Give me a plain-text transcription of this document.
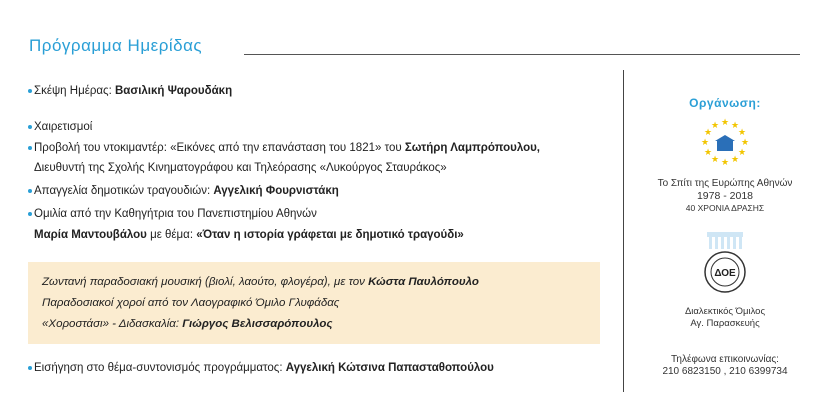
Πρόγραμμα Ημερίδας
Σκέψη Ημέρας: Βασιλική Ψαρουδάκη
Χαιρετισμοί
Προβολή του ντοκιμαντέρ: «Εικόνες από την επανάσταση του 1821» του Σωτήρη Λαμπρόπουλου,
Διευθυντή της Σχολής Κινηματογράφου και Τηλεόρασης «Λυκούργος Σταυράκος»
Απαγγελία δημοτικών τραγουδιών: Αγγελική Φουρνιστάκη
Ομιλία από την Καθηγήτρια του Πανεπιστημίου Αθηνών
Μαρία Μαντουβάλου με θέμα: «Όταν η ιστορία γράφεται με δημοτικό τραγούδι»
Ζωντανή παραδοσιακή μουσική (βιολί, λαούτο, φλογέρα), με τον Κώστα Παυλόπουλο
Παραδοσιακοί χοροί από τον Λαογραφικό Όμιλο Γλυφάδας
«Χοροστάσι» - Διδασκαλία: Γιώργος Βελισσαρόπουλος
Εισήγηση στο θέμα-συντονισμός προγράμματος: Αγγελική Κώτσινα Παπασταθοπούλου
Οργάνωση:
★ ★
★
★
★
★
★
★
★
★
★
★
Το Σπίτι της Ευρώπης Αθηνών
1978 - 2018
40 ΧΡΟΝΙΑ ΔΡΑΣΗΣ
ΔΟΕ
Διαλεκτικός Όμιλος
Αγ. Παρασκευής
Τηλέφωνα επικοινωνίας:
210 6823150 , 210 6399734
